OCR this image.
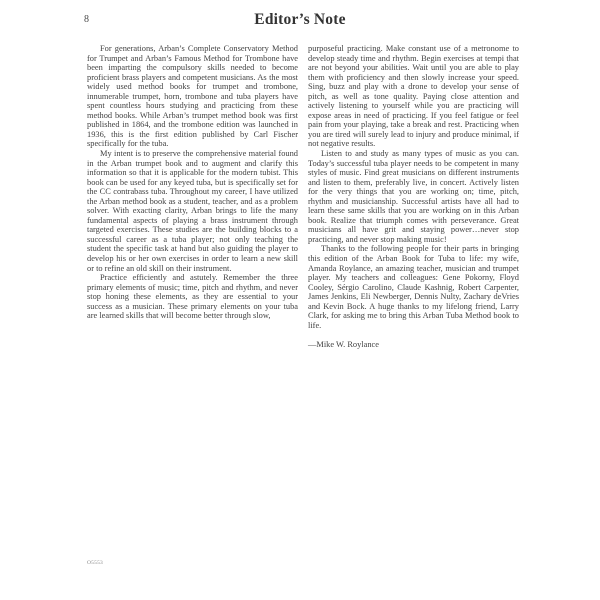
8	Editor’s Note

For generations, Arban’s Complete Conservatory Method for Trumpet and Arban’s Famous Method for Trombone have been imparting the compulsory skills needed to become proficient brass players and competent musicians. As the most widely used method books for trumpet and trombone, innumerable trumpet, horn, trombone and tuba players have spent countless hours studying and practicing from these method books. While Arban’s trumpet method book was first published in 1864, and the trombone edition was launched in 1936, this is the first edition published by Carl Fischer specifically for the tuba.

My intent is to preserve the comprehensive material found in the Arban trumpet book and to augment and clarify this information so that it is applicable for the modern tubist. This book can be used for any keyed tuba, but is specifically set for the CC contrabass tuba. Throughout my career, I have utilized the Arban method book as a student, teacher, and as a problem solver. With exacting clarity, Arban brings to life the many fundamental aspects of playing a brass instrument through targeted exercises. These studies are the building blocks to a successful career as a tuba player; not only teaching the student the specific task at hand but also guiding the player to develop his or her own exercises in order to learn a new skill or to refine an old skill on their instrument.

Practice efficiently and astutely. Remember the three primary elements of music; time, pitch and rhythm, and never stop honing these elements, as they are essential to your success as a musician. These primary elements on your tuba are learned skills that will become better through slow,

purposeful practicing. Make constant use of a metronome to develop steady time and rhythm. Begin exercises at tempi that are not beyond your abilities. Wait until you are able to play them with proficiency and then slowly increase your speed. Sing, buzz and play with a drone to develop your sense of pitch, as well as tone quality. Paying close attention and actively listening to yourself while you are practicing will expose areas in need of practicing. If you feel fatigue or feel pain from your playing, take a break and rest. Practicing when you are tired will surely lead to injury and produce minimal, if not negative results.

Listen to and study as many types of music as you can. Today’s successful tuba player needs to be competent in many styles of music. Find great musicians on different instruments and listen to them, preferably live, in concert. Actively listen for the very things that you are working on; time, pitch, rhythm and musicianship. Successful artists have all had to learn these same skills that you are working on in this Arban book. Realize that triumph comes with perseverance. Great musicians all have grit and staying power…never stop practicing, and never stop making music!

Thanks to the following people for their parts in bringing this edition of the Arban Book for Tuba to life: my wife, Amanda Roylance, an amazing teacher, musician and trumpet player. My teachers and colleagues: Gene Pokorny, Floyd Cooley, Sérgio Carolino, Claude Kashnig, Robert Carpenter, James Jenkins, Eli Newberger, Dennis Nulty, Zachary deVries and Kevin Bock. A huge thanks to my lifelong friend, Larry Clark, for asking me to bring this Arban Tuba Method book to life.

—Mike W. Roylance

O5553
